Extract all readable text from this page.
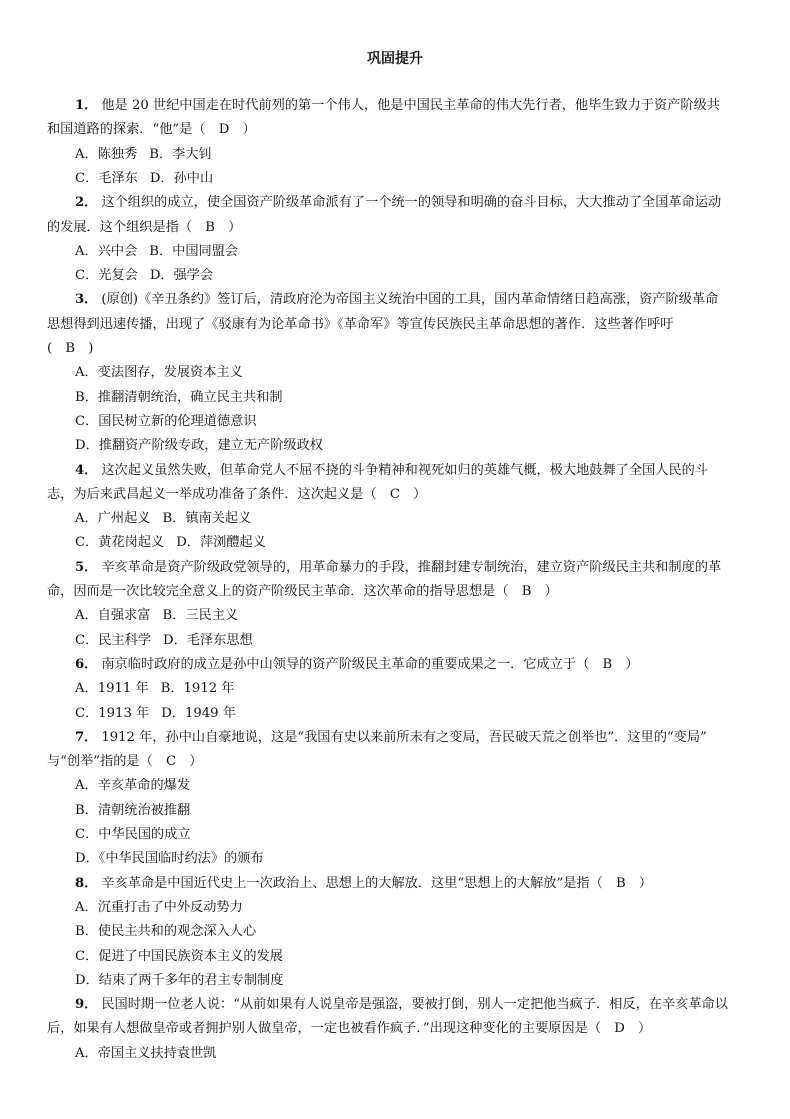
巩固提升
1． 他是 20 世纪中国走在时代前列的第一个伟人，他是中国民主革命的伟大先行者，他毕生致力于资产阶级共
和国道路的探索．“他”是（　D　）
A．陈独秀 B．李大钊
C．毛泽东 D．孙中山
2． 这个组织的成立，使全国资产阶级革命派有了一个统一的领导和明确的奋斗目标，大大推动了全国革命运动
的发展．这个组织是指（　B　）
A．兴中会 B．中国同盟会
C．光复会 D．强学会
3． (原创)《辛丑条约》签订后，清政府沦为帝国主义统治中国的工具，国内革命情绪日趋高涨，资产阶级革命
思想得到迅速传播，出现了《驳康有为论革命书》《革命军》等宣传民族民主革命思想的著作．这些著作呼吁
(　B　)
A．变法图存，发展资本主义
B．推翻清朝统治，确立民主共和制
C．国民树立新的伦理道德意识
D．推翻资产阶级专政，建立无产阶级政权
4． 这次起义虽然失败，但革命党人不屈不挠的斗争精神和视死如归的英雄气概，极大地鼓舞了全国人民的斗
志，为后来武昌起义一举成功准备了条件．这次起义是（　C　）
A．广州起义 B．镇南关起义
C．黄花岗起义 D．萍浏醴起义
5． 辛亥革命是资产阶级政党领导的，用革命暴力的手段，推翻封建专制统治，建立资产阶级民主共和制度的革
命，因而是一次比较完全意义上的资产阶级民主革命．这次革命的指导思想是（　B　）
A．自强求富 B．三民主义
C．民主科学 D．毛泽东思想
6． 南京临时政府的成立是孙中山领导的资产阶级民主革命的重要成果之一．它成立于（　B　）
A．1911 年 B．1912 年
C．1913 年 D．1949 年
7． 1912 年，孙中山自豪地说，这是“我国有史以来前所未有之变局，吾民破天荒之创举也”．这里的“变局”
与“创举”指的是（　C　）
A．辛亥革命的爆发
B．清朝统治被推翻
C．中华民国的成立
D．《中华民国临时约法》的颁布
8． 辛亥革命是中国近代史上一次政治上、思想上的大解放．这里“思想上的大解放”是指（　B　）
A．沉重打击了中外反动势力
B．使民主共和的观念深入人心
C．促进了中国民族资本主义的发展
D．结束了两千多年的君主专制制度
9． 民国时期一位老人说：“从前如果有人说皇帝是强盗，要被打倒，别人一定把他当疯子．相反，在辛亥革命以
后，如果有人想做皇帝或者拥护别人做皇帝，一定也被看作疯子．”出现这种变化的主要原因是（　D　）
A．帝国主义扶持袁世凯
